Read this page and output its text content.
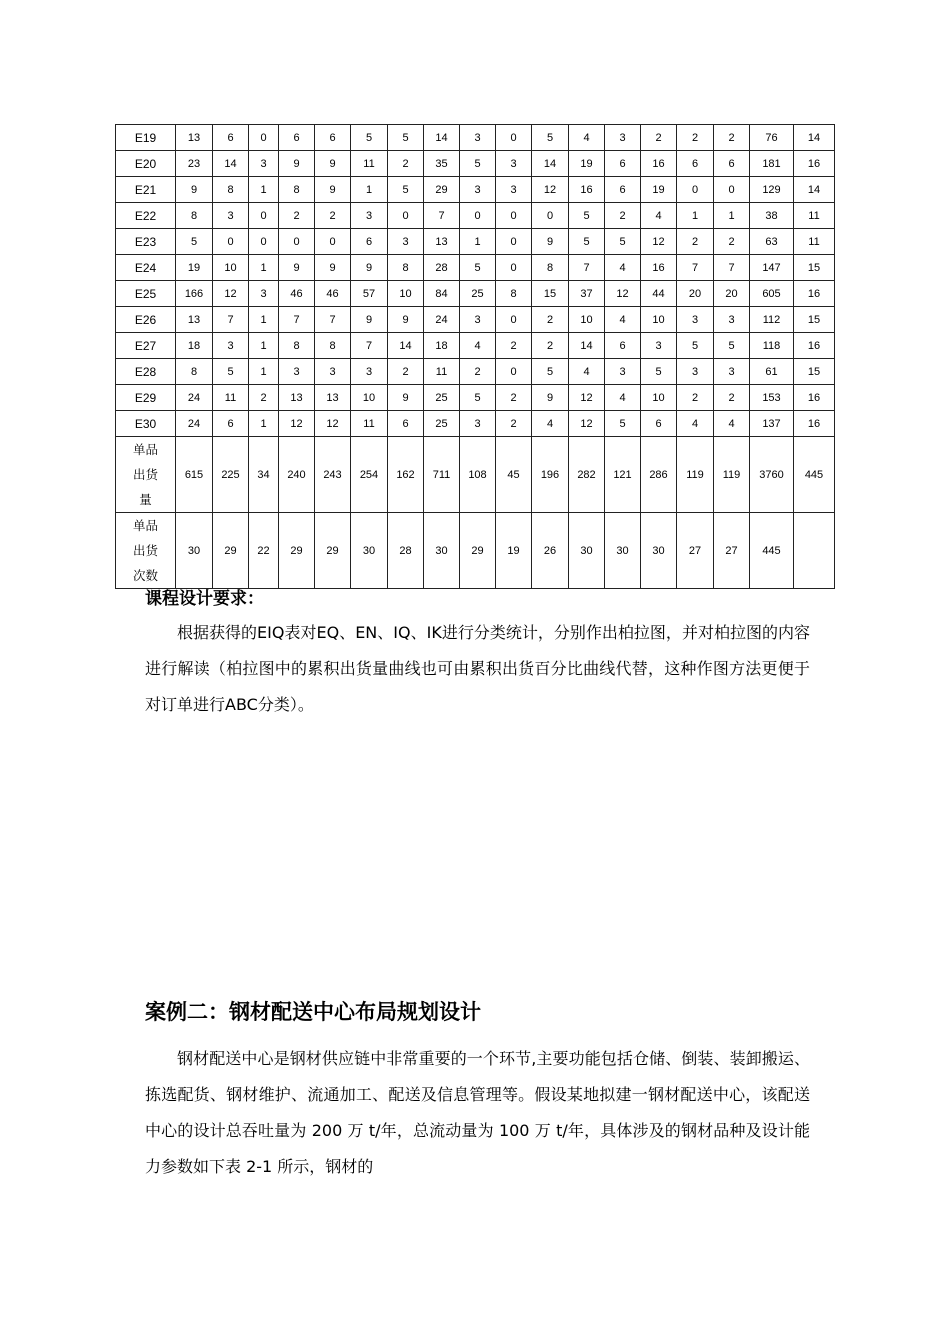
E19	13	6	0	6	6	5	5	14	3	0	5	4	3	2	2	2	76	14
E20	23	14	3	9	9	11	2	35	5	3	14	19	6	16	6	6	181	16
E21	9	8	1	8	9	1	5	29	3	3	12	16	6	19	0	0	129	14
E22	8	3	0	2	2	3	0	7	0	0	0	5	2	4	1	1	38	11
E23	5	0	0	0	0	6	3	13	1	0	9	5	5	12	2	2	63	11
E24	19	10	1	9	9	9	8	28	5	0	8	7	4	16	7	7	147	15
E25	166	12	3	46	46	57	10	84	25	8	15	37	12	44	20	20	605	16
E26	13	7	1	7	7	9	9	24	3	0	2	10	4	10	3	3	112	15
E27	18	3	1	8	8	7	14	18	4	2	2	14	6	3	5	5	118	16
E28	8	5	1	3	3	3	2	11	2	0	5	4	3	5	3	3	61	15
E29	24	11	2	13	13	10	9	25	5	2	9	12	4	10	2	2	153	16
E30	24	6	1	12	12	11	6	25	3	2	4	12	5	6	4	4	137	16

单品
出货
量	615	225	34	240	243	254	162	711	108	45	196	282	121	286	119	119	3760	445

单品
出货
次数	30	29	22	29	29	30	28	30	29	19	26	30	30	30	27	27	445	
课程设计要求：

根据获得的EIQ表对EQ、EN、IQ、IK进行分类统计，分别作出柏拉图，并对柏拉图的内容进行解读（柏拉图中的累积出货量曲线也可由累积出货百分比曲线代替，这种作图方法更便于对订单进行ABC分类）。

案例二：钢材配送中心布局规划设计

钢材配送中心是钢材供应链中非常重要的一个环节,主要功能包括仓储、倒装、装卸搬运、拣选配货、钢材维护、流通加工、配送及信息管理等。假设某地拟建一钢材配送中心，该配送中心的设计总吞吐量为 200 万 t/年，总流动量为 100 万 t/年，具体涉及的钢材品种及设计能力参数如下表 2-1 所示，钢材的
